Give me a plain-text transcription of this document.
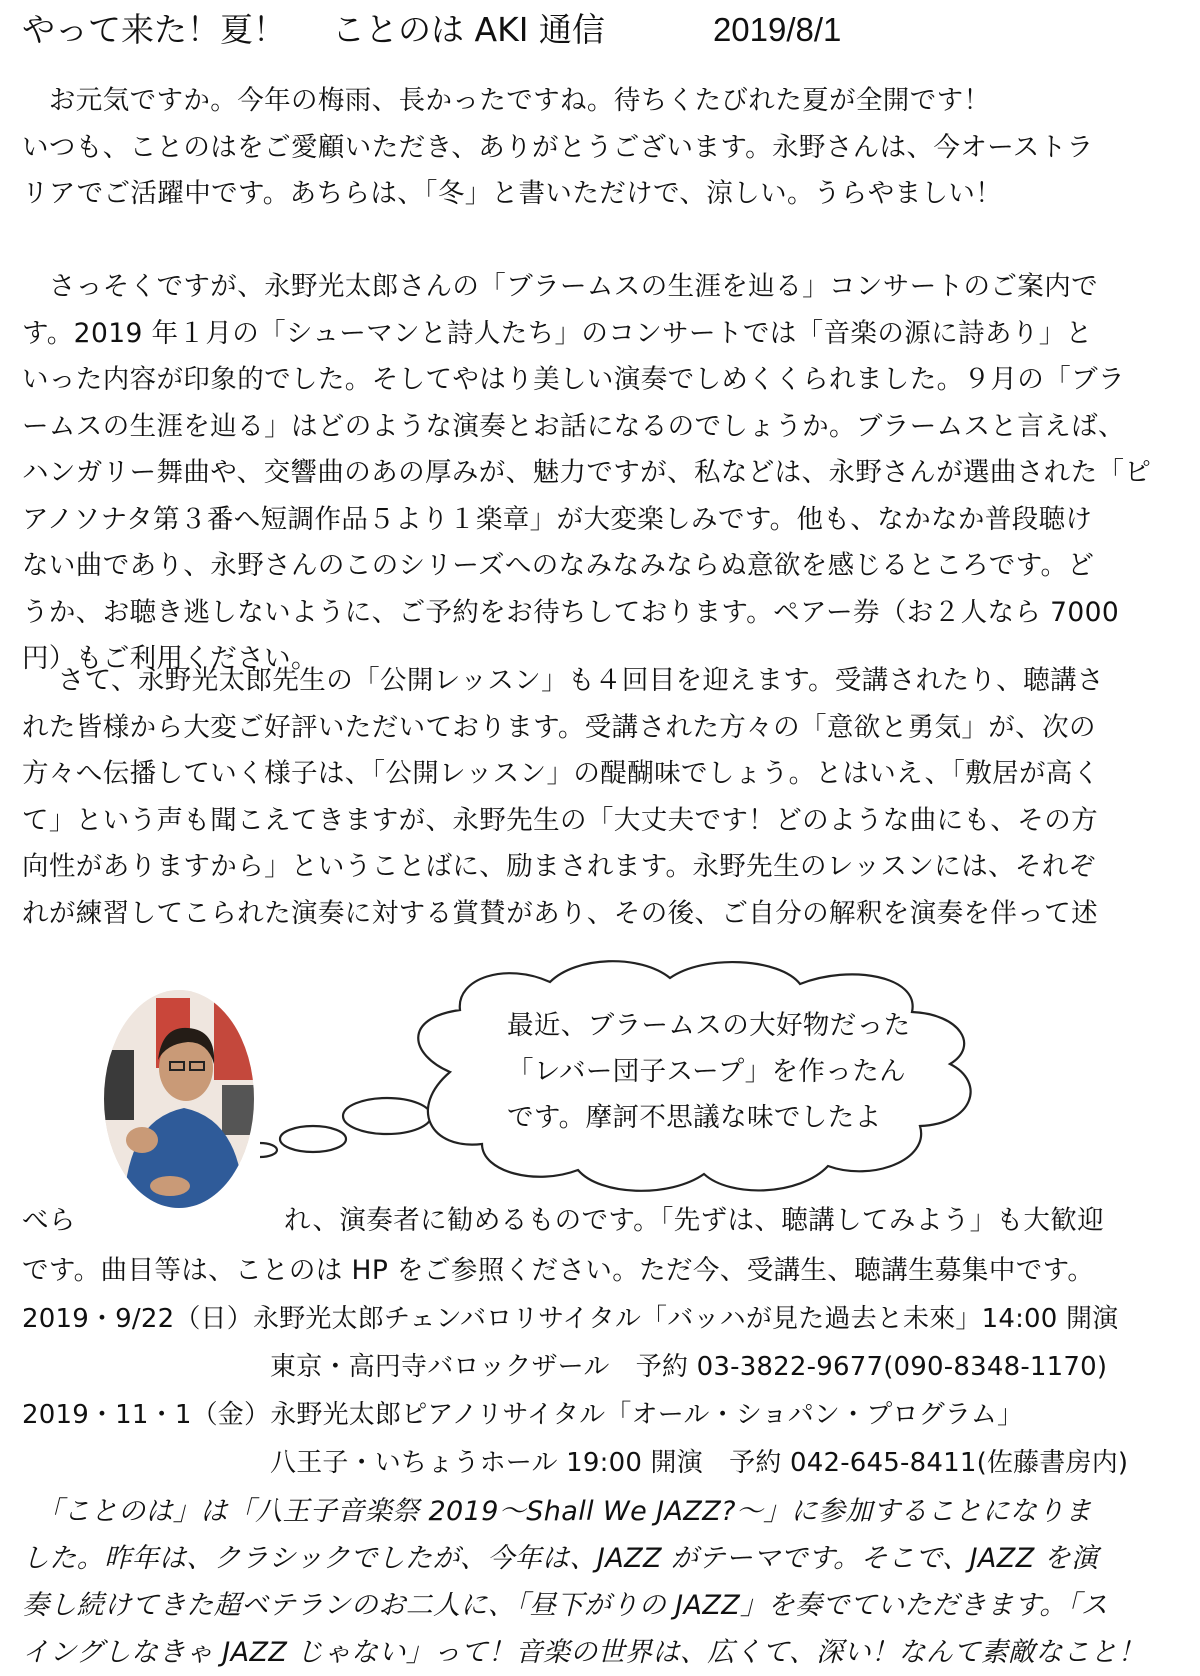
やって来た！夏！ ことのは AKI 通信	2019/8/1

　お元気ですか。今年の梅雨、長かったですね。待ちくたびれた夏が全開です！
いつも、ことのはをご愛顧いただき、ありがとうございます。永野さんは、今オーストラ
リアでご活躍中です。あちらは、「冬」と書いただけで、涼しい。うらやましい！

　さっそくですが、永野光太郎さんの「ブラームスの生涯を辿る」コンサートのご案内で
す。2019 年１月の「シューマンと詩人たち」のコンサートでは「音楽の源に詩あり」と
いった内容が印象的でした。そしてやはり美しい演奏でしめくくられました。９月の「ブラ
ームスの生涯を辿る」はどのような演奏とお話になるのでしょうか。ブラームスと言えば、
ハンガリー舞曲や、交響曲のあの厚みが、魅力ですが、私などは、永野さんが選曲された「ピ
アノソナタ第３番へ短調作品５より１楽章」が大変楽しみです。他も、なかなか普段聴け
ない曲であり、永野さんのこのシリーズへのなみなみならぬ意欲を感じるところです。ど
うか、お聴き逃しないように、ご予約をお待ちしております。ペアー券（お２人なら 7000
円）もご利用ください。

　 さて、永野光太郎先生の「公開レッスン」も４回目を迎えます。受講されたり、聴講さ
れた皆様から大変ご好評いただいております。受講された方々の「意欲と勇気」が、次の
方々へ伝播していく様子は、「公開レッスン」の醍醐味でしょう。とはいえ、「敷居が高く
て」という声も聞こえてきますが、永野先生の「大丈夫です！どのような曲にも、その方
向性がありますから」ということばに、励まされます。永野先生のレッスンには、それぞ
れが練習してこられた演奏に対する賞賛があり、その後、ご自分の解釈を演奏を伴って述

最近、ブラームスの大好物だった
「レバー団子スープ」を作ったん
です。摩訶不思議な味でしたよ

べら	れ、演奏者に勧めるものです。「先ずは、聴講してみよう」も大歓迎
です。曲目等は、ことのは HP をご参照ください。ただ今、受講生、聴講生募集中です。
2019・9/22（日）永野光太郎チェンバロリサイタル「バッハが見た過去と未來」14:00 開演
東京・高円寺バロックザール　予約 03-3822-9677(090-8348-1170)
2019・11・1（金）永野光太郎ピアノリサイタル「オール・ショパン・プログラム」
八王子・いちょうホール 19:00 開演　予約 042-645-8411(佐藤書房内)

　「ことのは」は「八王子音楽祭 2019～Shall We JAZZ?～」に参加することになりま
した。昨年は、クラシックでしたが、今年は、JAZZ がテーマです。そこで、JAZZ を演
奏し続けてきた超ベテランのお二人に、「昼下がりの JAZZ」を奏でていただきます。「ス
イングしなきゃ JAZZ じゃない」って！音楽の世界は、広くて、深い！なんて素敵なこと！
